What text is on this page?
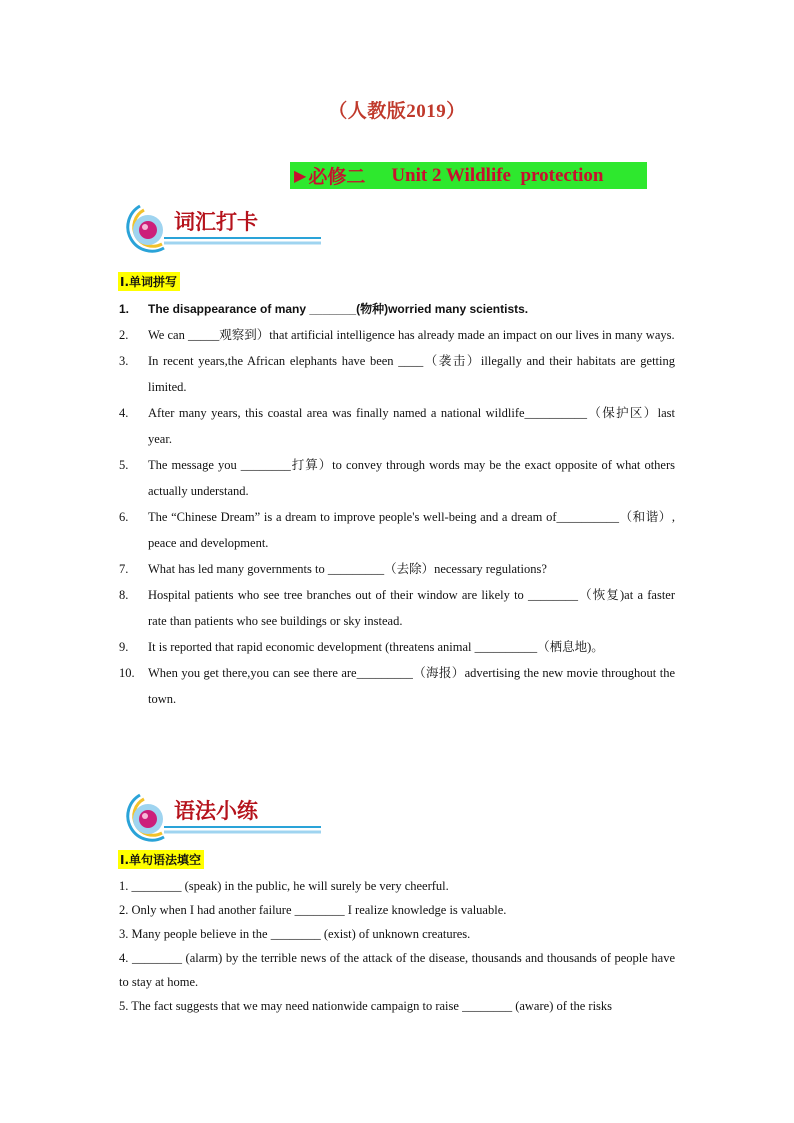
（人教版2019）
▶ 必修二 Unit 2 Wildlife  protection
词汇打卡
Ⅰ.单词拼写
1. The disappearance of many _______(物种)worried many scientists.
2. We can _____观察到）that artificial intelligence has already made an impact on our lives in many ways.
3. In recent years,the African elephants have been ____（袭击）illegally and their habitats are getting limited.
4. After many years, this coastal area was finally named a national wildlife__________（保护区）last year.
5. The message you ________打算）to convey through words may be the exact opposite of what others actually understand.
6. The “Chinese Dream” is a dream to improve people's well-being and a dream of__________（和谐）, peace and development.
7. What has led many governments to _________（去除）necessary regulations?
8. Hospital patients who see tree branches out of their window are likely to ________（恢复)at a faster rate than patients who see buildings or sky instead.
9. It is reported that rapid economic development (threatens animal __________（栖息地)。
10. When you get there,you can see there are_________（海报）advertising the new movie throughout the town.
语法小练
I.单句语法填空
1. ________ (speak) in the public, he will surely be very cheerful.
2. Only when I had another failure ________ I realize knowledge is valuable.
3. Many people believe in the ________ (exist) of unknown creatures.
4. ________ (alarm) by the terrible news of the attack of the disease, thousands and thousands of people have to stay at home.
5. The fact suggests that we may need nationwide campaign to raise ________ (aware) of the risks
